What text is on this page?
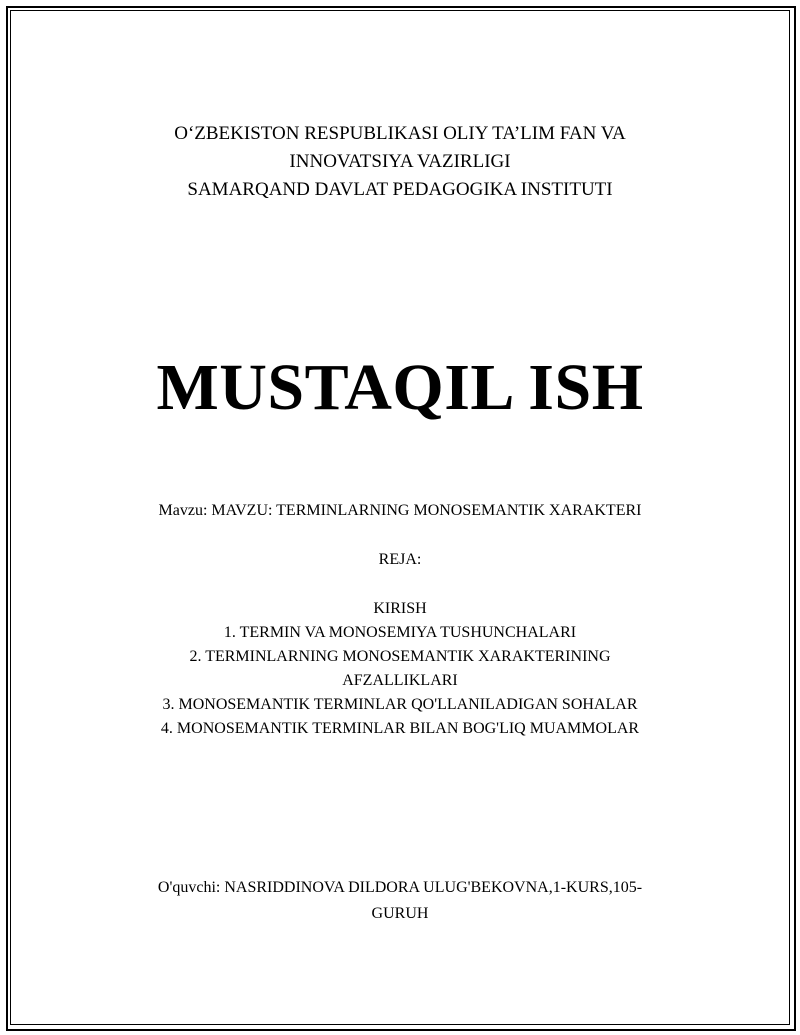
O‘ZBEKISTON RESPUBLIKASI OLIY TA’LIM FAN VA
INNOVATSIYA VAZIRLIGI
SAMARQAND DAVLAT PEDAGOGIKA INSTITUTI
MUSTAQIL ISH
Mavzu: MAVZU: TERMINLARNING MONOSEMANTIK XARAKTERI
REJA:
KIRISH
1. TERMIN VA MONOSEMIYA TUSHUNCHALARI
2. TERMINLARNING MONOSEMANTIK XARAKTERINING
AFZALLIKLARI
3. MONOSEMANTIK TERMINLAR QO'LLANILADIGAN SOHALAR
4. MONOSEMANTIK TERMINLAR BILAN BOG'LIQ MUAMMOLAR
O'quvchi: NASRIDDINOVA DILDORA ULUG'BEKOVNA,1-KURS,105-
GURUH
